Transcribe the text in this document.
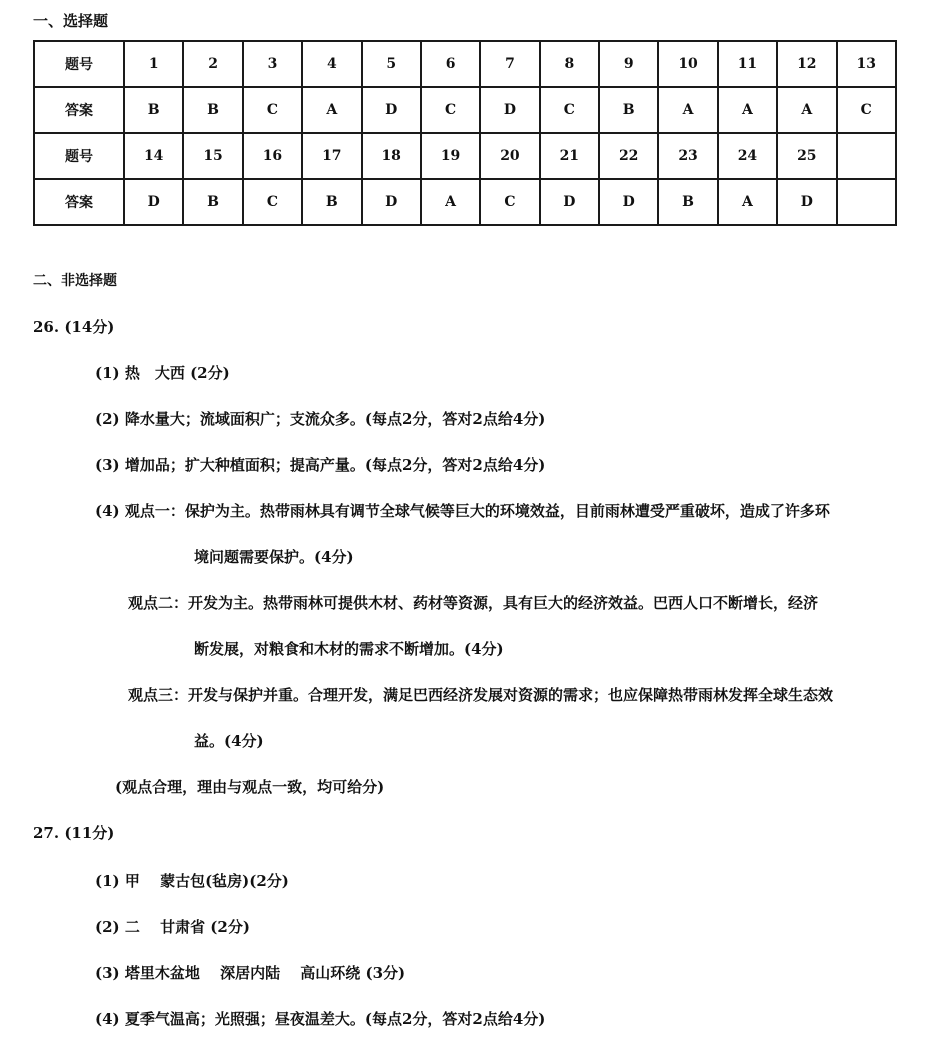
一、选择题
题号	1	2	3	4	5	6	7	8	9	10	11	12	13
答案	B	B	C	A	D	C	D	C	B	A	A	A	C
题号	14	15	16	17	18	19	20	21	22	23	24	25	
答案	D	B	C	B	D	A	C	D	D	B	A	D	
二、非选择题
26. (14分)
(1) 热　大西 (2分)
(2) 降水量大；流域面积广；支流众多。(每点2分，答对2点给4分)
(3) 增加品；扩大种植面积；提高产量。(每点2分，答对2点给4分)
(4) 观点一：保护为主。热带雨林具有调节全球气候等巨大的环境效益，目前雨林遭受严重破坏，造成了许多环
境问题需要保护。(4分)
观点二：开发为主。热带雨林可提供木材、药材等资源，具有巨大的经济效益。巴西人口不断增长，经济
断发展，对粮食和木材的需求不断增加。(4分)
观点三：开发与保护并重。合理开发，满足巴西经济发展对资源的需求；也应保障热带雨林发挥全球生态效
益。(4分)
(观点合理，理由与观点一致，均可给分)
27. (11分)
(1) 甲　 蒙古包(毡房)(2分)
(2) 二　 甘肃省 (2分)
(3) 塔里木盆地　 深居内陆　 高山环绕 (3分)
(4) 夏季气温高；光照强；昼夜温差大。(每点2分，答对2点给4分)
